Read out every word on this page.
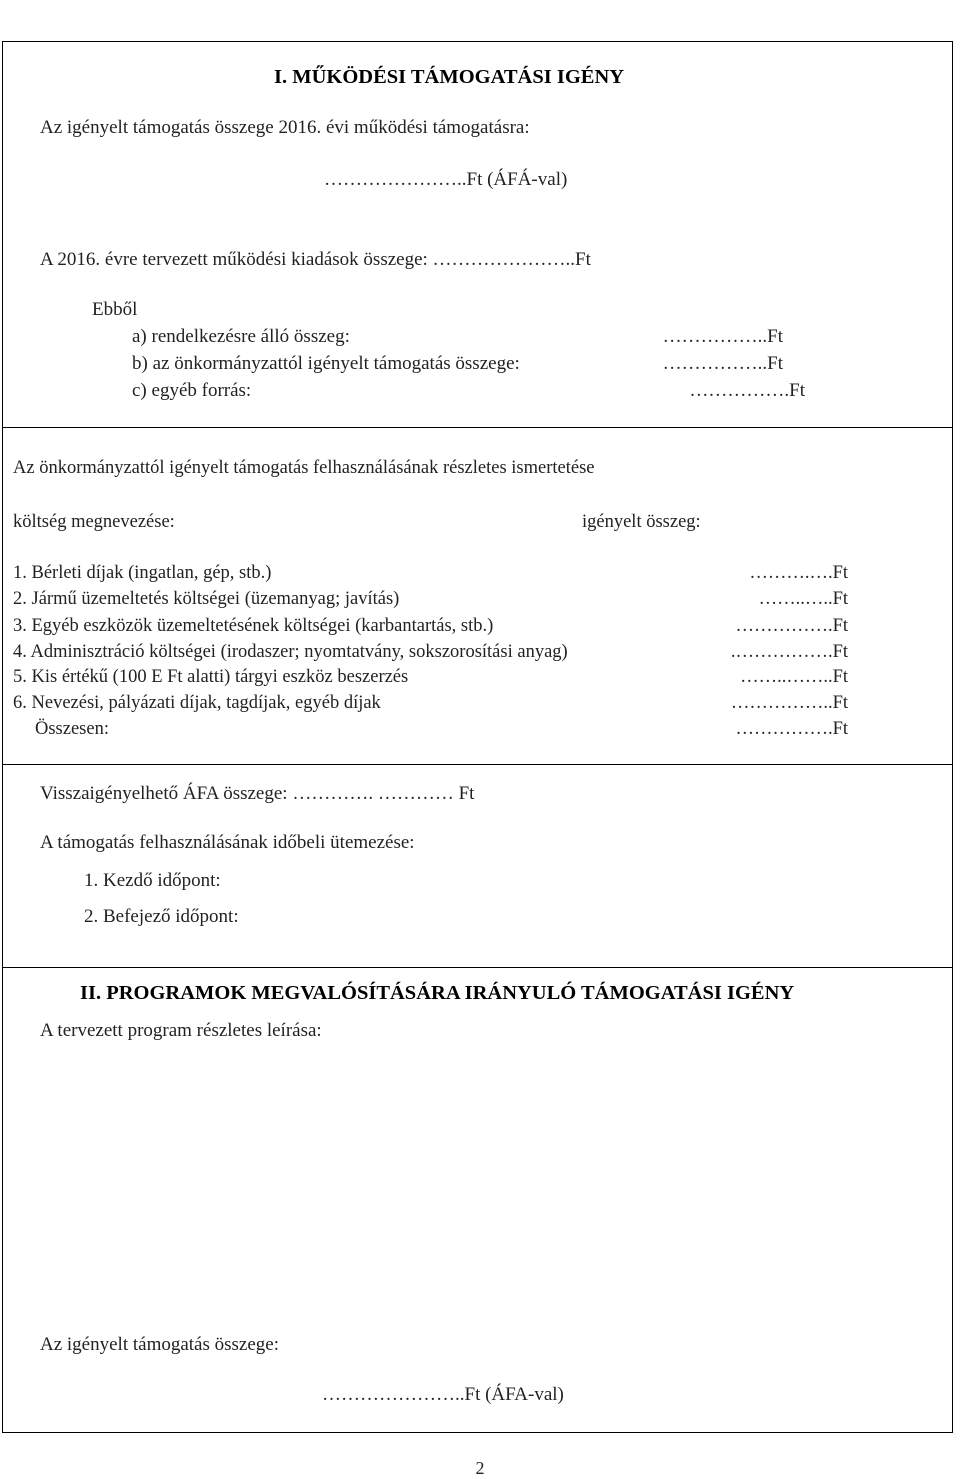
I. MŰKÖDÉSI TÁMOGATÁSI IGÉNY
Az igényelt támogatás összege 2016. évi működési támogatásra:
…………………..Ft (ÁFÁ-val)
A 2016. évre tervezett működési kiadások összege: …………………..Ft
Ebből
a) rendelkezésre álló összeg:	……………..Ft
b) az önkormányzattól igényelt támogatás összege:	……………..Ft
c) egyéb forrás:	…………….Ft
Az önkormányzattól igényelt támogatás felhasználásának részletes ismertetése
költség megnevezése:	igényelt összeg:
1. Bérleti díjak (ingatlan, gép, stb.)	……….….Ft
2. Jármű üzemeltetés költségei (üzemanyag; javítás)	……..…..Ft
3. Egyéb eszközök üzemeltetésének költségei (karbantartás, stb.)	…………….Ft
4. Adminisztráció költségei (irodaszer; nyomtatvány, sokszorosítási anyag)	.…………….Ft
5. Kis értékű (100 E Ft alatti) tárgyi eszköz beszerzés	……..……..Ft
6. Nevezési, pályázati díjak, tagdíjak, egyéb díjak	……………..Ft
Összesen:	…………….Ft
Visszaigényelhető ÁFA összege: …………. ………… Ft
A támogatás felhasználásának időbeli ütemezése:
1. Kezdő időpont:
2. Befejező időpont:
II. PROGRAMOK MEGVALÓSÍTÁSÁRA IRÁNYULÓ TÁMOGATÁSI IGÉNY
A tervezett program részletes leírása:
Az igényelt támogatás összege:
…………………..Ft (ÁFA-val)
2
